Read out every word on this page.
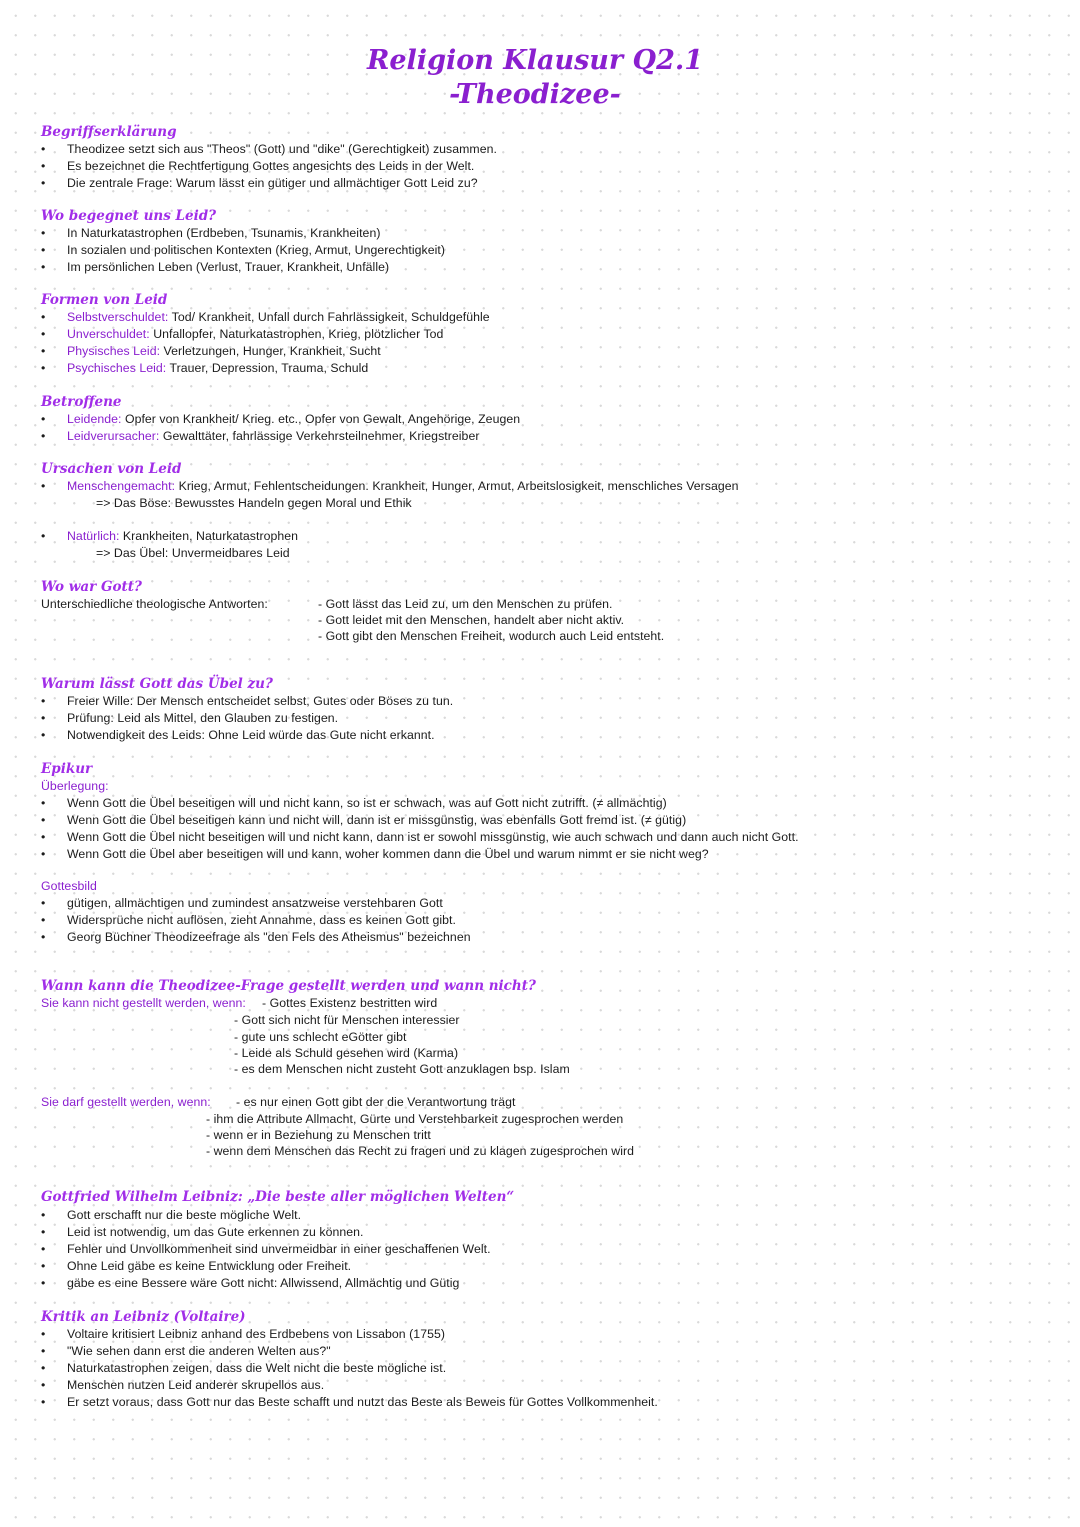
Religion Klausur Q2.1
-Theodizee-
Begriffserklärung
• Theodizee setzt sich aus "Theos" (Gott) und "dike" (Gerechtigkeit) zusammen.
• Es bezeichnet die Rechtfertigung Gottes angesichts des Leids in der Welt.
• Die zentrale Frage: Warum lässt ein gütiger und allmächtiger Gott Leid zu?
Wo begegnet uns Leid?
• In Naturkatastrophen (Erdbeben, Tsunamis, Krankheiten)
• In sozialen und politischen Kontexten (Krieg, Armut, Ungerechtigkeit)
• Im persönlichen Leben (Verlust, Trauer, Krankheit, Unfälle)
Formen von Leid
• Selbstverschuldet: Tod/ Krankheit, Unfall durch Fahrlässigkeit, Schuldgefühle
• Unverschuldet: Unfallopfer, Naturkatastrophen, Krieg, plötzlicher Tod
• Physisches Leid: Verletzungen, Hunger, Krankheit, Sucht
• Psychisches Leid: Trauer, Depression, Trauma, Schuld
Betroffene
• Leidende: Opfer von Krankheit/ Krieg. etc., Opfer von Gewalt, Angehörige, Zeugen
• Leidverursacher: Gewalttäter, fahrlässige Verkehrsteilnehmer, Kriegstreiber
Ursachen von Leid
• Menschengemacht: Krieg, Armut, Fehlentscheidungen. Krankheit, Hunger, Armut, Arbeitslosigkeit, menschliches Versagen
=> Das Böse: Bewusstes Handeln gegen Moral und Ethik
• Natürlich: Krankheiten, Naturkatastrophen
=> Das Übel: Unvermeidbares Leid
Wo war Gott?
Unterschiedliche theologische Antworten:	- Gott lässt das Leid zu, um den Menschen zu prüfen.
- Gott leidet mit den Menschen, handelt aber nicht aktiv.
- Gott gibt den Menschen Freiheit, wodurch auch Leid entsteht.
Warum lässt Gott das Übel zu?
• Freier Wille: Der Mensch entscheidet selbst, Gutes oder Böses zu tun.
• Prüfung: Leid als Mittel, den Glauben zu festigen.
• Notwendigkeit des Leids: Ohne Leid würde das Gute nicht erkannt.
Epikur
Überlegung:
• Wenn Gott die Übel beseitigen will und nicht kann, so ist er schwach, was auf Gott nicht zutrifft. (≠ allmächtig)
• Wenn Gott die Übel beseitigen kann und nicht will, dann ist er missgünstig, was ebenfalls Gott fremd ist. (≠ gütig)
• Wenn Gott die Übel nicht beseitigen will und nicht kann, dann ist er sowohl missgünstig, wie auch schwach und dann auch nicht Gott.
• Wenn Gott die Übel aber beseitigen will und kann, woher kommen dann die Übel und warum nimmt er sie nicht weg?
Gottesbild
• gütigen, allmächtigen und zumindest ansatzweise verstehbaren Gott
• Widersprüche nicht auflösen, zieht Annahme, dass es keinen Gott gibt.
• Georg Büchner Theodizeefrage als "den Fels des Atheismus" bezeichnen
Wann kann die Theodizee-Frage gestellt werden und wann nicht?
Sie kann nicht gestellt werden, wenn: - Gottes Existenz bestritten wird
- Gott sich nicht für Menschen interessier
- gute uns schlecht eGötter gibt
- Leide als Schuld gesehen wird (Karma)
- es dem Menschen nicht zusteht Gott anzuklagen bsp. Islam
Sie darf gestellt werden, wenn: - es nur einen Gott gibt der die Verantwortung trägt
- ihm die Attribute Allmacht, Gürte und Verstehbarkeit zugesprochen werden
- wenn er in Beziehung zu Menschen tritt
- wenn dem Menschen das Recht zu fragen und zu klagen zugesprochen wird
Gottfried Wilhelm Leibniz: „Die beste aller möglichen Welten“
• Gott erschafft nur die beste mögliche Welt.
• Leid ist notwendig, um das Gute erkennen zu können.
• Fehler und Unvollkommenheit sind unvermeidbar in einer geschaffenen Welt.
• Ohne Leid gäbe es keine Entwicklung oder Freiheit.
• gäbe es eine Bessere wäre Gott nicht: Allwissend, Allmächtig und Gütig
Kritik an Leibniz (Voltaire)
• Voltaire kritisiert Leibniz anhand des Erdbebens von Lissabon (1755)
• "Wie sehen dann erst die anderen Welten aus?"
• Naturkatastrophen zeigen, dass die Welt nicht die beste mögliche ist.
• Menschen nutzen Leid anderer skrupellos aus.
• Er setzt voraus, dass Gott nur das Beste schafft und nutzt das Beste als Beweis für Gottes Vollkommenheit.
